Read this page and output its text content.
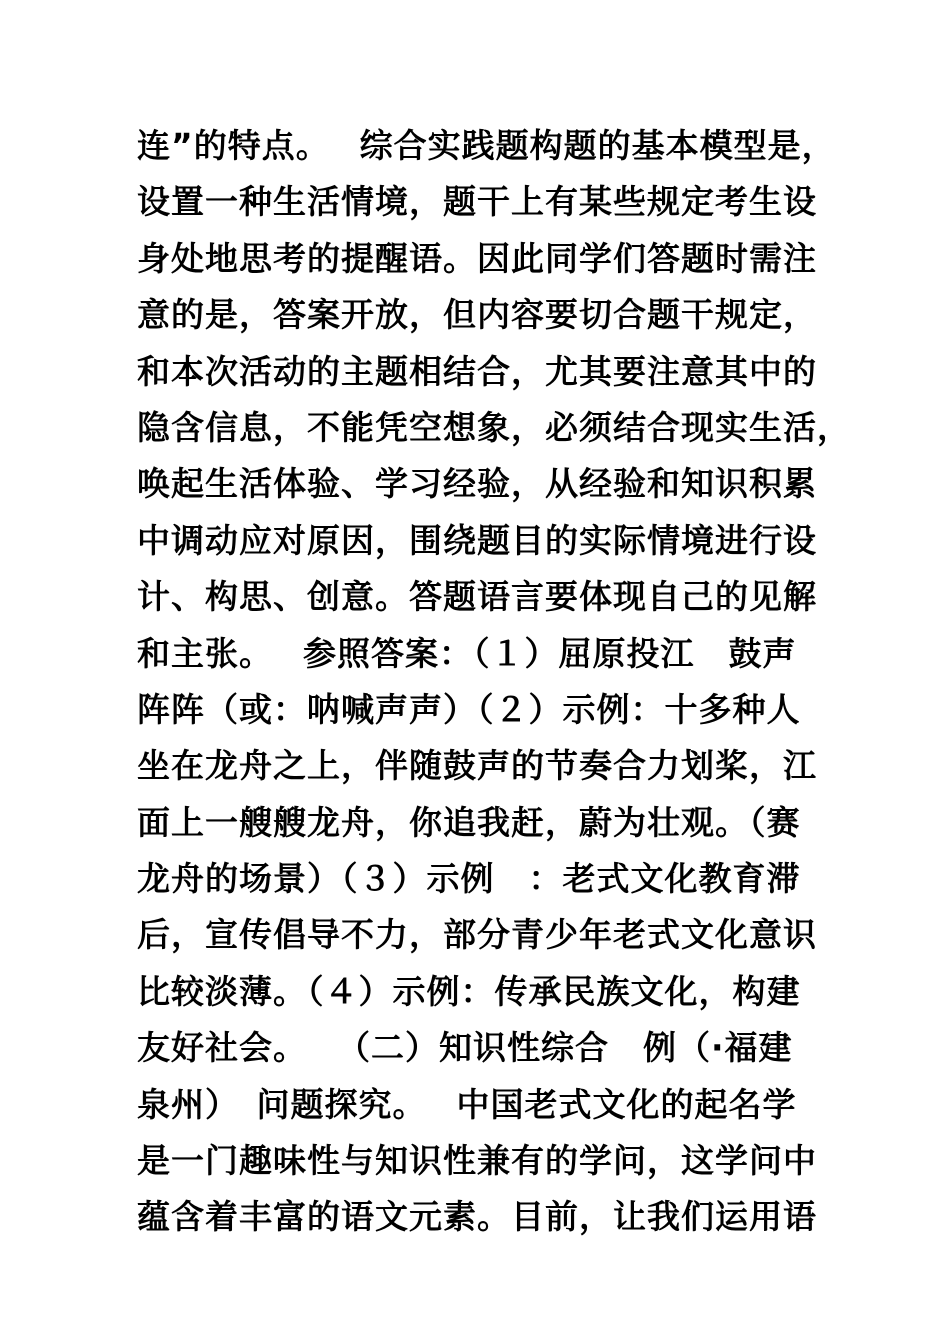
连”的特点。　 综合实践题构题的基本模型是，
设置一种生活情境，题干上有某些规定考生设
身处地思考的提醒语。因此同学们答题时需注
意的是，答案开放，但内容要切合题干规定，
和本次活动的主题相结合，尤其要注意其中的
隐含信息，不能凭空想象，必须结合现实生活，
唤起生活体验、学习经验，从经验和知识积累
中调动应对原因，围绕题目的实际情境进行设
计、构思、创意。答题语言要体现自己的见解
和主张。　 参照答案：（１）屈原投江　鼓声
阵阵（或：呐喊声声）（２）示例：十多种人
坐在龙舟之上，伴随鼓声的节奏合力划桨，江
面上一艘艘龙舟，你追我赶，蔚为壮观。（赛
龙舟的场景）（３）示例　：老式文化教育滞
后，宣传倡导不力，部分青少年老式文化意识
比较淡薄。（４）示例：传承民族文化，构建
友好社会。　 （二）知识性综合　例（·福建
泉州）　问题探究。　 中国老式文化的起名学
是一门趣味性与知识性兼有的学问，这学问中
蕴含着丰富的语文元素。目前，让我们运用语
